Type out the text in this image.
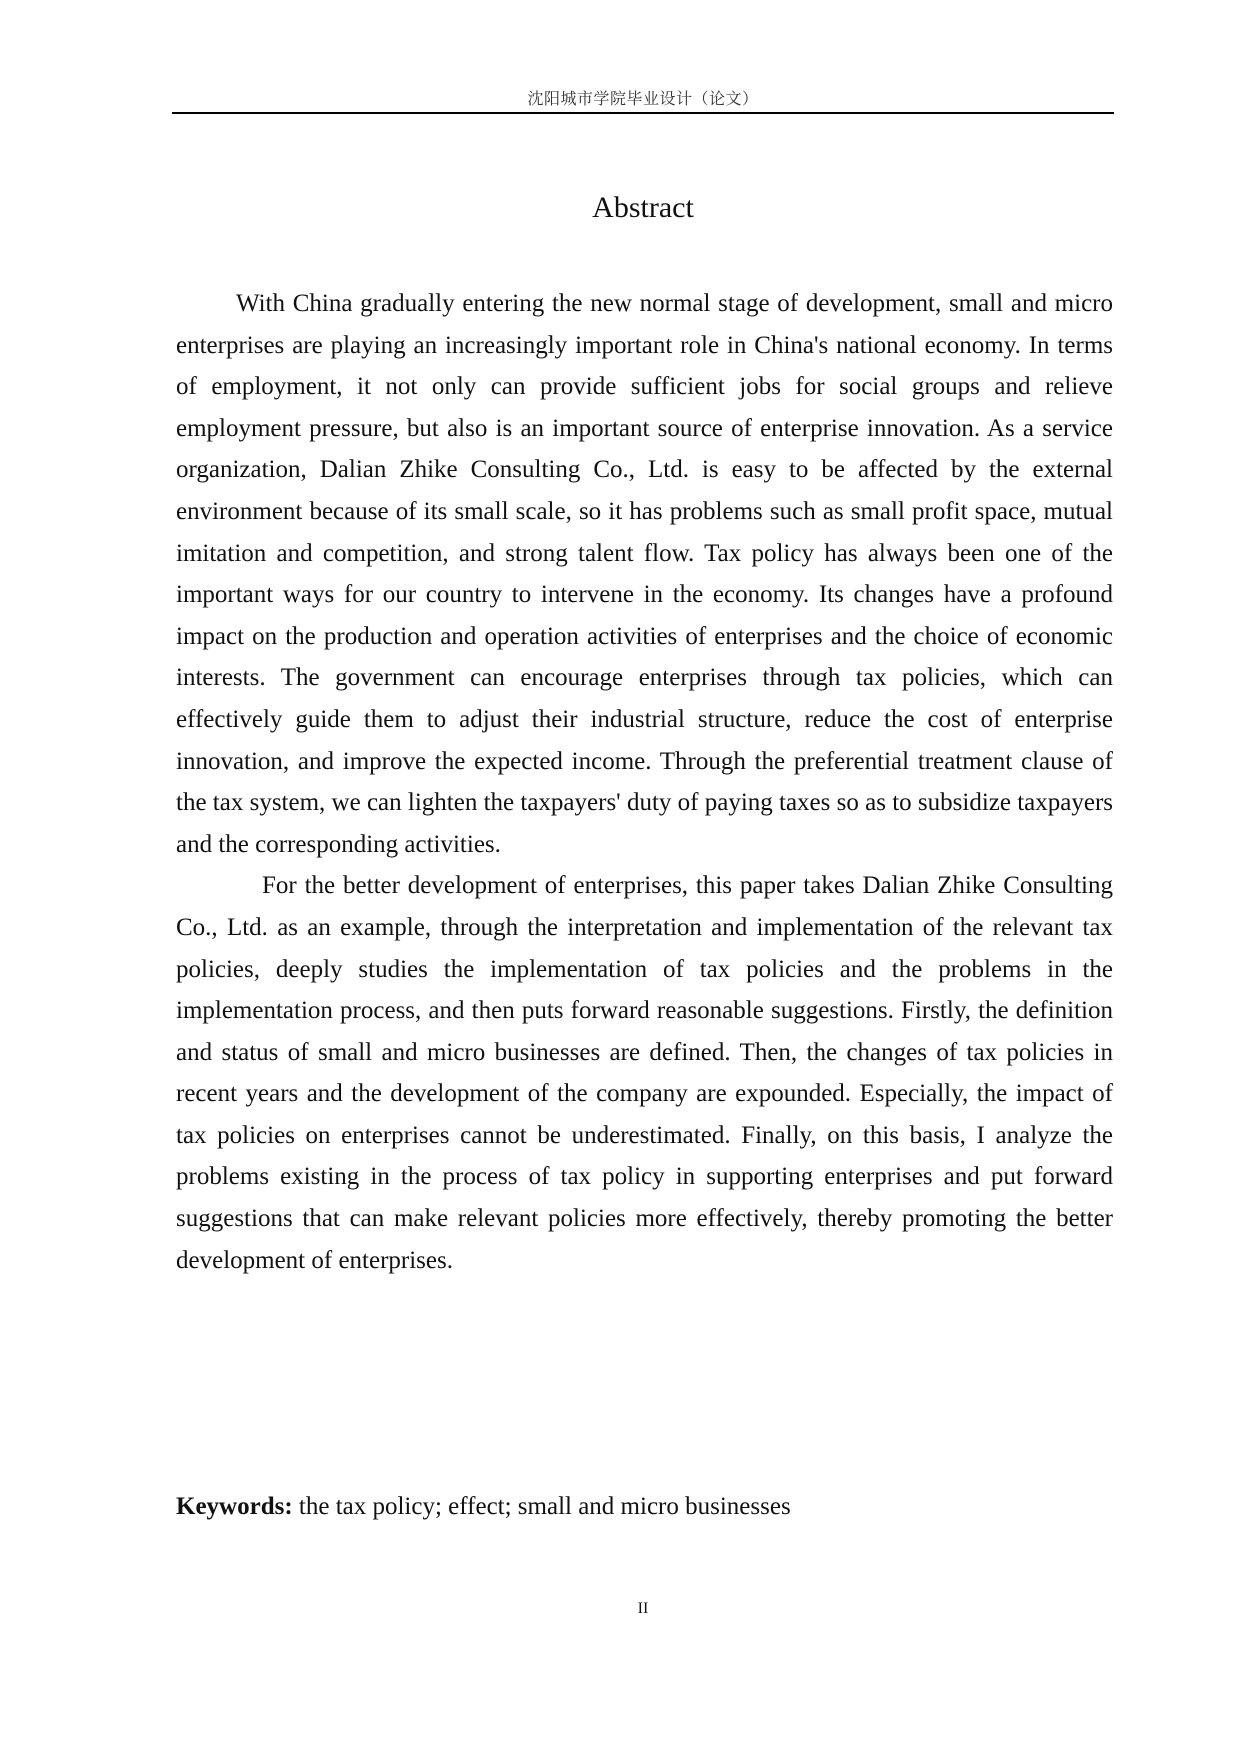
沈阳城市学院毕业设计（论文）
Abstract

With China gradually entering the new normal stage of development, small and micro enterprises are playing an increasingly important role in China's national economy. In terms of employment, it not only can provide sufficient jobs for social groups and relieve employment pressure, but also is an important source of enterprise innovation. As a service organization, Dalian Zhike Consulting Co., Ltd. is easy to be affected by the external environment because of its small scale, so it has problems such as small profit space, mutual imitation and competition, and strong talent flow. Tax policy has always been one of the important ways for our country to intervene in the economy. Its changes have a profound impact on the production and operation activities of enterprises and the choice of economic interests. The government can encourage enterprises through tax policies, which can effectively guide them to adjust their industrial structure, reduce the cost of enterprise innovation, and improve the expected income. Through the preferential treatment clause of the tax system, we can lighten the taxpayers' duty of paying taxes so as to subsidize taxpayers and the corresponding activities.

For the better development of enterprises, this paper takes Dalian Zhike Consulting Co., Ltd. as an example, through the interpretation and implementation of the relevant tax policies, deeply studies the implementation of tax policies and the problems in the implementation process, and then puts forward reasonable suggestions. Firstly, the definition and status of small and micro businesses are defined. Then, the changes of tax policies in recent years and the development of the company are expounded. Especially, the impact of tax policies on enterprises cannot be underestimated. Finally, on this basis, I analyze the problems existing in the process of tax policy in supporting enterprises and put forward suggestions that can make relevant policies more effectively, thereby promoting the better development of enterprises.

Keywords: the tax policy; effect; small and micro businesses
II
